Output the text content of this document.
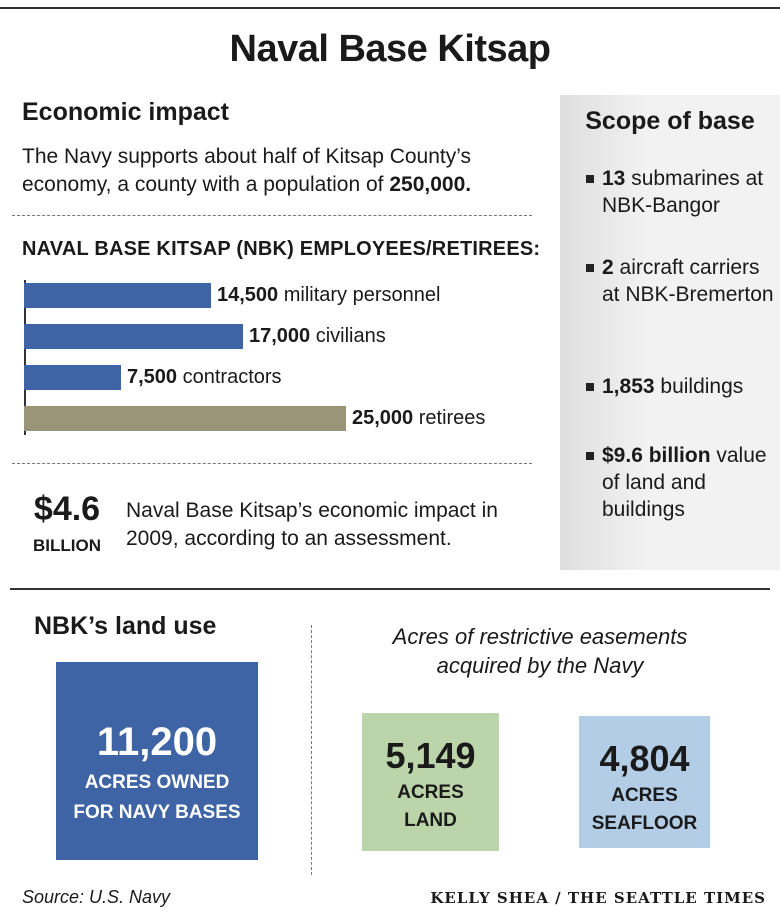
Naval Base Kitsap
Scope of base
13 submarines at NBK-Bangor
2 aircraft carriers at NBK-Bremerton
1,853 buildings
$9.6 billion value of land and buildings
Economic impact

The Navy supports about half of Kitsap County’s economy, a county with a population of 250,000.

NAVAL BASE KITSAP (NBK) EMPLOYEES/RETIREES:
14,500 military personnel
17,000 civilians
7,500 contractors
25,000 retirees
$4.6
BILLION

Naval Base Kitsap’s economic impact in 2009, according to an assessment.

NBK’s land use
11,200
ACRES OWNED
FOR NAVY BASES
Acres of restrictive easements
acquired by the Navy
5,149
ACRES
LAND
4,804
ACRES
SEAFLOOR
Source: U.S. Navy	KELLY SHEA / THE SEATTLE TIMES
